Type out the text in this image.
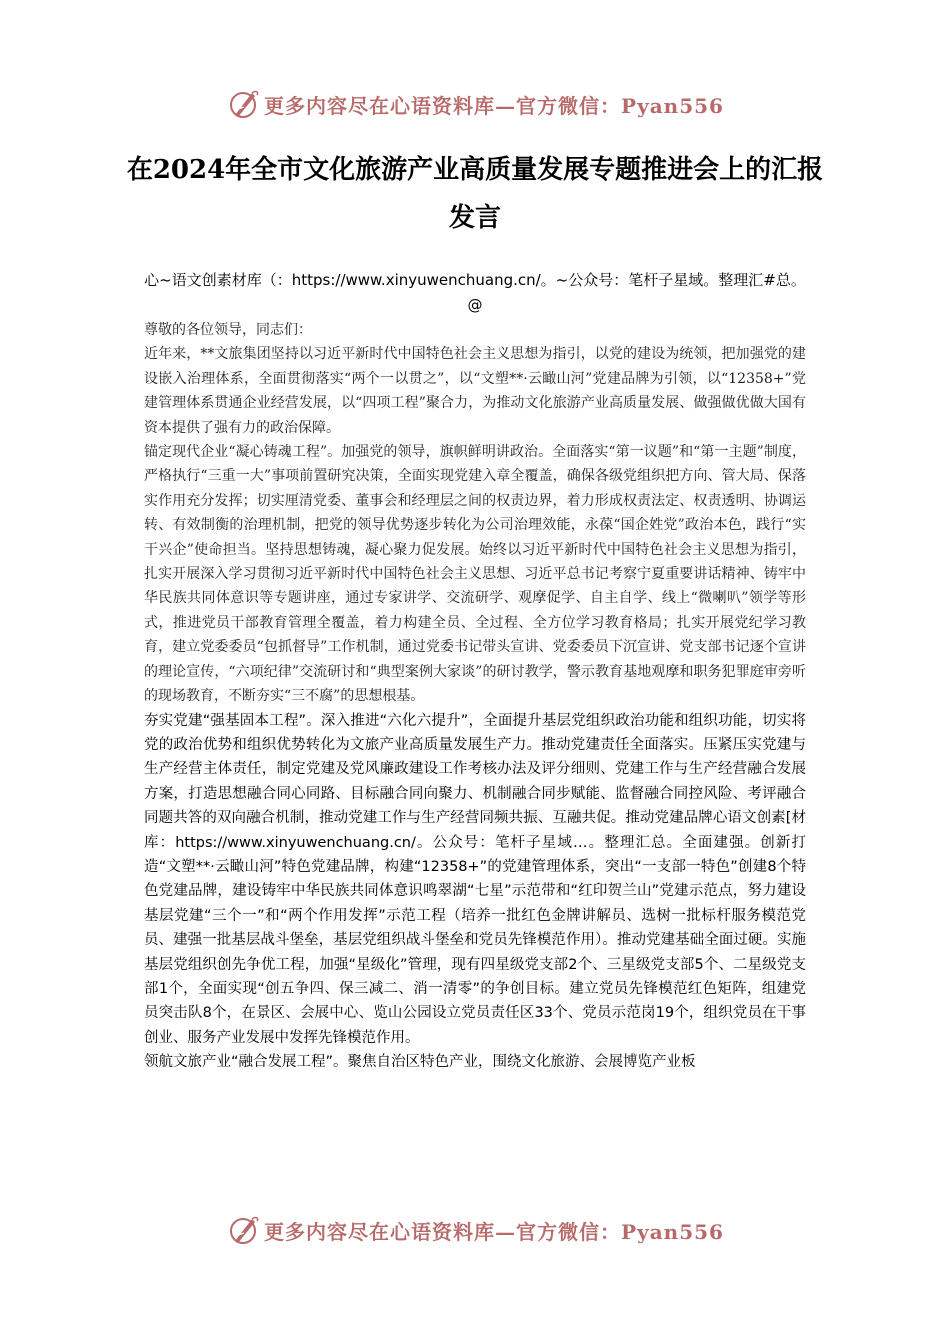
更多内容尽在心语资料库—官方微信：Pyan556
在2024年全市文化旅游产业高质量发展专题推进会上的汇报发言

心~语文创素材库（：https://www.xinyuwenchuang.cn/。~公众号：笔杆子星域。整理汇#总。@

尊敬的各位领导，同志们：

近年来，**文旅集团坚持以习近平新时代中国特色社会主义思想为指引，以党的建设为统领，把加强党的建设嵌入治理体系，全面贯彻落实“两个一以贯之”，以“文塑**·云瞰山河”党建品牌为引领，以“12358+”党建管理体系贯通企业经营发展，以“四项工程”聚合力，为推动文化旅游产业高质量发展、做强做优做大国有资本提供了强有力的政治保障。

锚定现代企业“凝心铸魂工程”。加强党的领导，旗帜鲜明讲政治。全面落实“第一议题”和“第一主题”制度，严格执行“三重一大”事项前置研究决策，全面实现党建入章全覆盖，确保各级党组织把方向、管大局、保落实作用充分发挥；切实厘清党委、董事会和经理层之间的权责边界，着力形成权责法定、权责透明、协调运转、有效制衡的治理机制，把党的领导优势逐步转化为公司治理效能，永葆“国企姓党”政治本色，践行“实干兴企”使命担当。坚持思想铸魂，凝心聚力促发展。始终以习近平新时代中国特色社会主义思想为指引，扎实开展深入学习贯彻习近平新时代中国特色社会主义思想、习近平总书记考察宁夏重要讲话精神、铸牢中华民族共同体意识等专题讲座，通过专家讲学、交流研学、观摩促学、自主自学、线上“微喇叭”领学等形式，推进党员干部教育管理全覆盖，着力构建全员、全过程、全方位学习教育格局；扎实开展党纪学习教育，建立党委委员“包抓督导”工作机制，通过党委书记带头宣讲、党委委员下沉宣讲、党支部书记逐个宣讲的理论宣传，“六项纪律”交流研讨和“典型案例大家谈”的研讨教学，警示教育基地观摩和职务犯罪庭审旁听的现场教育，不断夯实“三不腐”的思想根基。

夯实党建“强基固本工程”。深入推进“六化六提升”，全面提升基层党组织政治功能和组织功能，切实将党的政治优势和组织优势转化为文旅产业高质量发展生产力。推动党建责任全面落实。压紧压实党建与生产经营主体责任，制定党建及党风廉政建设工作考核办法及评分细则、党建工作与生产经营融合发展方案，打造思想融合同心同路、目标融合同向聚力、机制融合同步赋能、监督融合同控风险、考评融合同题共答的双向融合机制，推动党建工作与生产经营同频共振、互融共促。推动党建品牌心语文创素[材库：https://www.xinyuwenchuang.cn/。公众号：笔杆子星域…。整理汇总。全面建强。创新打造“文塑**·云瞰山河”特色党建品牌，构建“12358+”的党建管理体系，突出“一支部一特色”创建8个特色党建品牌，建设铸牢中华民族共同体意识鸣翠湖“七星”示范带和“红印贺兰山”党建示范点，努力建设基层党建“三个一”和“两个作用发挥”示范工程（培养一批红色金牌讲解员、选树一批标杆服务模范党员、建强一批基层战斗堡垒，基层党组织战斗堡垒和党员先锋模范作用）。推动党建基础全面过硬。实施基层党组织创先争优工程，加强“星级化”管理，现有四星级党支部2个、三星级党支部5个、二星级党支部1个，全面实现“创五争四、保三减二、消一清零”的争创目标。建立党员先锋模范红色矩阵，组建党员突击队8个，在景区、会展中心、览山公园设立党员责任区33个、党员示范岗19个，组织党员在干事创业、服务产业发展中发挥先锋模范作用。

领航文旅产业“融合发展工程”。聚焦自治区特色产业，围绕文化旅游、会展博览产业板

更多内容尽在心语资料库—官方微信：Pyan556
